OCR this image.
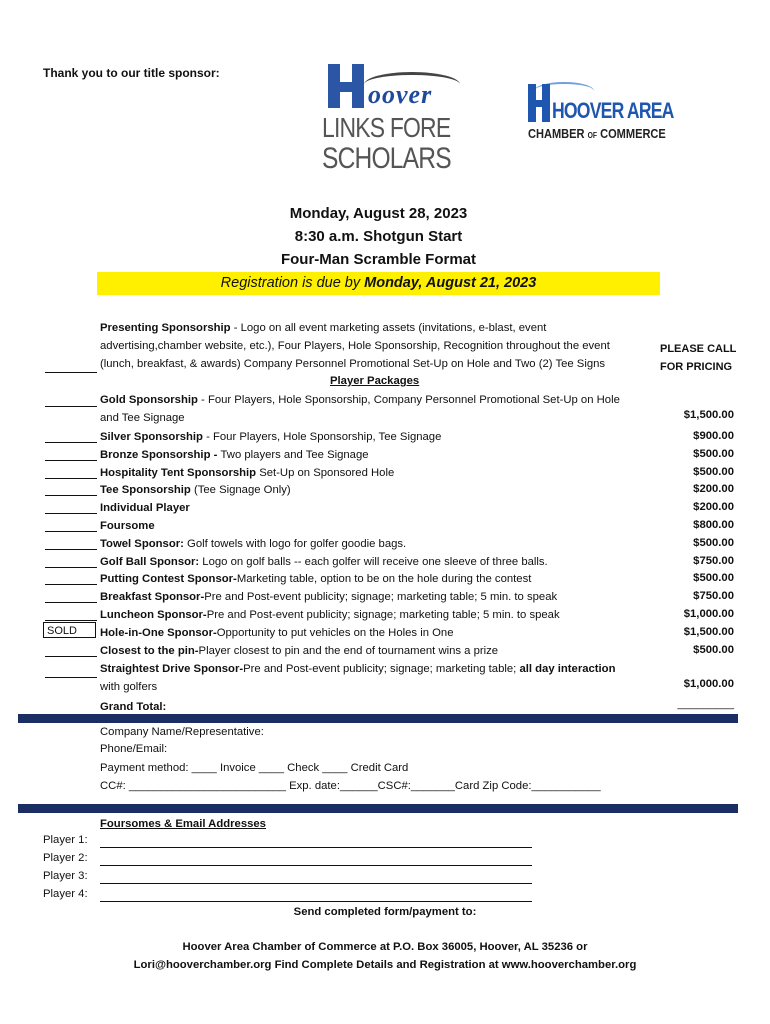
Thank you to our title sponsor:
oover
LINKS FORE
SCHOLARS
HOOVER AREA
CHAMBER OF COMMERCE
Monday, August 28, 2023
8:30 a.m. Shotgun Start
Four-Man Scramble Format
Registration is due by Monday, August 21, 2023
Presenting Sponsorship - Logo on all event marketing assets (invitations, e-blast, event
advertising,chamber website, etc.), Four Players, Hole Sponsorship, Recognition throughout the event
(lunch, breakfast, & awards) Company Personnel Promotional Set-Up on Hole and Two (2) Tee Signs
PLEASE CALL
FOR PRICING
Player Packages
Gold Sponsorship - Four Players, Hole Sponsorship, Company Personnel Promotional Set-Up on Hole
and Tee Signage	$1,500.00
Silver Sponsorship - Four Players, Hole Sponsorship, Tee Signage	$900.00
Bronze Sponsorship - Two players and Tee Signage	$500.00
Hospitality Tent Sponsorship Set-Up on Sponsored Hole	$500.00
Tee Sponsorship (Tee Signage Only)	$200.00
Individual Player	$200.00
Foursome	$800.00
Towel Sponsor: Golf towels with logo for golfer goodie bags.	$500.00
Golf Ball Sponsor: Logo on golf balls -- each golfer will receive one sleeve of three balls.	$750.00
Putting Contest Sponsor-Marketing table, option to be on the hole during the contest	$500.00
Breakfast Sponsor-Pre and Post-event publicity; signage; marketing table; 5 min. to speak	$750.00
Luncheon Sponsor-Pre and Post-event publicity; signage; marketing table; 5 min. to speak	$1,000.00
SOLD	Hole-in-One Sponsor-Opportunity to put vehicles on the Holes in One	$1,500.00
Closest to the pin-Player closest to pin and the end of tournament wins a prize	$500.00
Straightest Drive Sponsor-Pre and Post-event publicity; signage; marketing table; all day interaction
with golfers	$1,000.00
Grand Total:	_________
Company Name/Representative:
Phone/Email:
Payment method: ____ Invoice ____ Check ____ Credit Card
CC#: _________________________ Exp. date:______CSC#:_______Card Zip Code:___________
Foursomes & Email Addresses
Player 1:
Player 2:
Player 3:
Player 4:
Send completed form/payment to:
Hoover Area Chamber of Commerce at P.O. Box 36005, Hoover, AL 35236 or
Lori@hooverchamber.org Find Complete Details and Registration at www.hooverchamber.org
